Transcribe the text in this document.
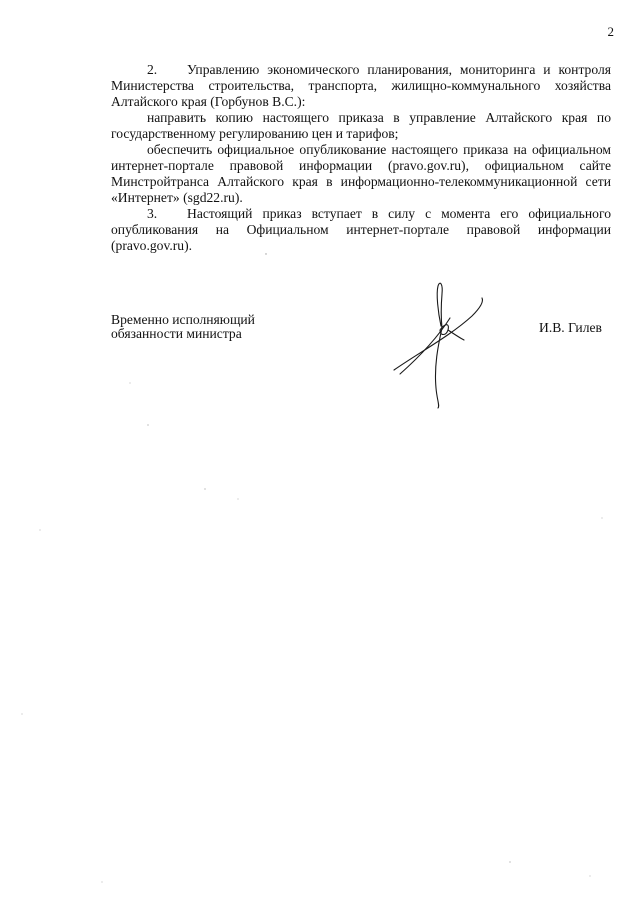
2

2. Управлению экономического планирования, мониторинга и контроля Министерства строительства, транспорта, жилищно-коммунального хозяйства Алтайского края (Горбунов В.С.):

направить копию настоящего приказа в управление Алтайского края по государственному регулированию цен и тарифов;

обеспечить официальное опубликование настоящего приказа на официальном интернет-портале правовой информации (pravo.gov.ru), официальном сайте Минстройтранса Алтайского края в информационно-телекоммуникационной сети «Интернет» (sgd22.ru).

3. Настоящий приказ вступает в силу с момента его официального опубликования на Официальном интернет-портале правовой информации (pravo.gov.ru).

Временно исполняющий
обязанности министра	И.В. Гилев
